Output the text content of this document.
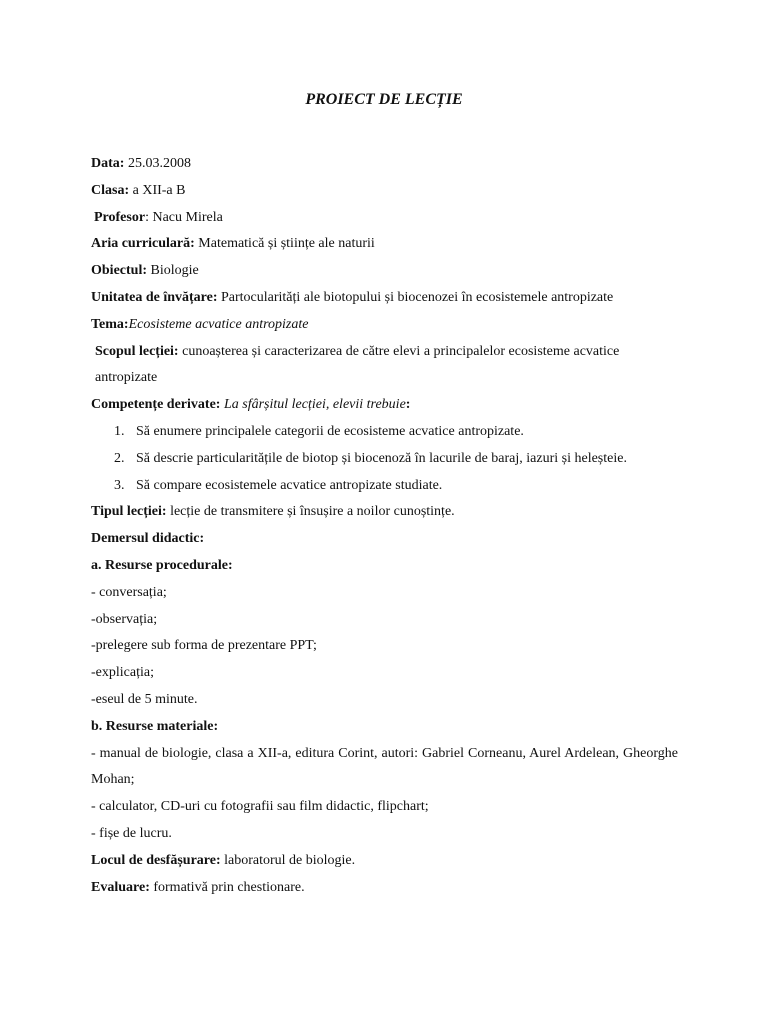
PROIECT DE LECȚIE

Data: 25.03.2008

Clasa: a XII-a B

Profesor: Nacu Mirela

Aria curriculară: Matematică și științe ale naturii

Obiectul: Biologie

Unitatea de învățare: Partocularități ale biotopului și biocenozei în ecosistemele antropizate

Tema:Ecosisteme acvatice antropizate

Scopul lecției: cunoașterea și caracterizarea de către elevi a principalelor ecosisteme acvatice antropizate

Competențe derivate: La sfârșitul lecției, elevii trebuie:

1. Să enumere principalele categorii de ecosisteme acvatice antropizate.
2. Să descrie particularitățile de biotop și biocenoză în lacurile de baraj, iazuri și heleșteie.
3. Să compare ecosistemele acvatice antropizate studiate.

Tipul lecției: lecție de transmitere și însușire a noilor cunoștințe.

Demersul didactic:

a. Resurse procedurale:

- conversația;

-observația;

-prelegere sub forma de prezentare PPT;

-explicația;

-eseul de 5 minute.

b. Resurse materiale:

- manual de biologie, clasa a XII-a, editura Corint, autori: Gabriel Corneanu, Aurel Ardelean, Gheorghe Mohan;

- calculator, CD-uri cu fotografii sau film didactic, flipchart;

- fișe de lucru.

Locul de desfășurare: laboratorul de biologie.

Evaluare: formativă prin chestionare.
